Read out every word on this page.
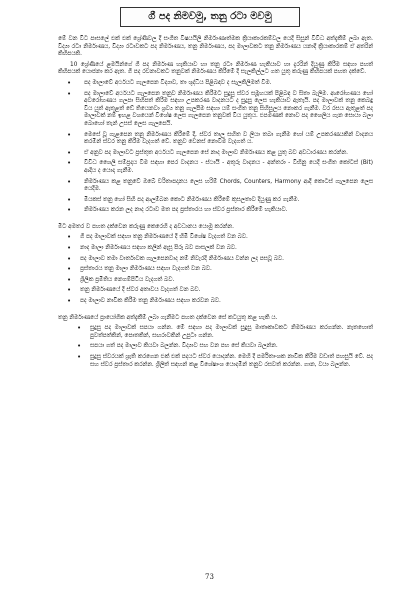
ගී පද නිමවමු, තනු රටා මවමු

මේ වන විට පාසලේ එක් එක් ශ්‍රේණිවල දී සංගීත විෂයයිලී නිර්මාණාත්මක ක්‍රියාකාරකම්වල යෙදී සිසුන් විවිධ අත්දැකීම් ලබා ඇත. විද්‍යා රටා නිර්මාණය, විද්‍යා රටාවකට පද නිර්මාණය, තනු නිර්මාණය, පද මාලාවකට තනු නිර්මාණය යනාදී ක්‍රියාකාරකම් ඒ අතරින් කිහිපයකි.

10 ශ්‍රේණියේ ළමයින්ගේ ගී පද නිර්මාණ හැකියාව හා තනු රටා නිර්මාණ හැකියාව හා දැරරින් දියුණු කිරීම සඳහා පහත් කිහිපයක් යොජනා කර ඇත. ගී පද රචනාවකට තනුවක් නිර්මාණය කිරීමේ දී සැලකිල්ලට ගත යුතු කරුණු කිහිපයක් පහත දක්වේ.

• පද මාලාවේ අර්ථයට ගැලපෙන විද්‍යාව, තා ශුද්ධිය පිළිබඳව ද සැලකිලිමත් වීම.
• පද මාලාවේ අර්ථයට ගැලපෙන තනුව නිර්මාණය කිරීමට සුදුසු ස්වර සමූහයක් පිළිබඳ ව සිතා බැලීම. ආරෝහණය හෝ අවරෝහණය ගලපා සිහිපත් කිරීම සඳහා උපකරණ වාදනයට ද සුදුසු ලෙස හැකියාව ඇතැයි. පද මාලාවක් තනු කෙබඳු විය යුත් ඇතුළත් ඩේ තියෙනවා ශ්‍රව්‍ය තනු ගැලපීම සඳහා යම් සංගීත තනු සිහිසුලය නොකර ගැනීම. වර රසය ඇතුළත් පද මාලාවක් නම් ඉහළ වශයෙන් විශේෂ ලෙස ගැලපෙන තනුවක් විය යුතුය. එපමණක් නොව පද ශෛලිය ගැන සොයා බලා බොහෝ තැන් උසස් ලෙස ගැලපෙයි.
• මෙසේ වූ ගැළපෙන තනු නිර්මාණය කිරීමේ දී, ස්වර තාල සහිත ව ලියා තබා ගැනීම හෝ යම් උපකරණයකින් වාදනය කරමින් ස්වර තනු කිරීම වැදගත් වේ. තනුව වෙනස් නොවීම වැදගත් ය.
• ඒ අනුව පද මාලාවට ප්‍රස්තුත අර්ථයට ගැලපෙන සේ නාද මාලාව නිර්මාණය කළ යුතු බව අවධාරණය කරන්න.
• විවිධ ශෛලි සම්ප්‍රදාය වීම සඳහා පෙර වාදනය - ස්ථායී - අතුරු වාදනය - අන්තරා - විභිනු යෙදී සංගීත කෝටස් (Bit) ආදිය ද යොදා ගැනීම.
• නිර්මාණය කළ තනුවේ ඔබේ චරිතාපදානය ලෙස හරිම් Chords, Counters, Harmony ආදී කොටස් ගැලපෙන ලෙස යෙදීම.
• මියකස් තනු හෝ සිහි පද ආලම්බන කොට නිර්මාණය කිරීමේ කුසලතාව දියුණු කර ගැනීම.
• නිර්මාණය කරන ලද නාද රටාව මත පද ප්‍රස්තාරය හා ස්වර ප්‍රස්තාර කිරීමේ හැකියාව.

මීට අමතර ව පහත දක්වෙන කරුණු කෙරෙහි ද අවධානය යොමු කරන්න.

• ගී පද මාලාවක් සඳහා තනු නිර්මාණයේ දී හිමි විශේෂ වැදගත් වන බව.
• නාද මාලා නිර්මාණය සඳහා කලින් ඇසූ පිරූ බව පාසලක් වන බව.
• පද මාලාව තමා වාර්තාවක ගැලපෙනවාද නම් නිවැරදි නිර්මාණය වන්න ලද පසවූ බව.
• ප්‍රස්තාරය තනු මාලා නිර්මාණය සඳහා වැදගත් වන බව.
• ශ්‍රිලීක ප්‍රමිතිය නෙගම්පිටිය වැදගත් බව.
• තනු නිර්මාණයේ දී ස්වර අතාවය වැදගත් වන බව.
• පද මාලාව නාවික කිරීම තනු නිර්මාණය සඳහා කරවන බව.

තනු නිර්මාණයේ ප්‍රායෝගික අත්දැකීම් ලබා ගැනීමට පහත දක්වෙන සේ කටයුතු කළ හැකි ය.

• සුදුසු පද මාලාවක් සපයා ගන්න. මේ සඳහා පද මාලාවක් සුදුසු මාතෘකාවකට නිර්මාණය කරගන්න. නැතහොත් පුවත්පත්කින්, පොතකින්, සඟරාවකින් උපුටා ගන්න.
• සපයා ගත් පද මාලාව කියවා බලන්න. විද්‍යාව සහ වන පහ සේ කියවා බලන්න.
• සුදුසු ස්වරයක් ශ්‍රැති කරගෙන එක් එක් පදයට ස්වර යොදන්න. මෙහි දී පර්මිතාංශක නාවික කිරීම වඩාත් පහසුයි වේ. පද සහ ස්වර ප්‍රස්තාර කරන්න. ශ්‍රිලිත් සඳහන් කළ විශේෂාංශ යොදමින් තනුව රසවත් කරන්න. ගාන, වයා බලන්න.
73
